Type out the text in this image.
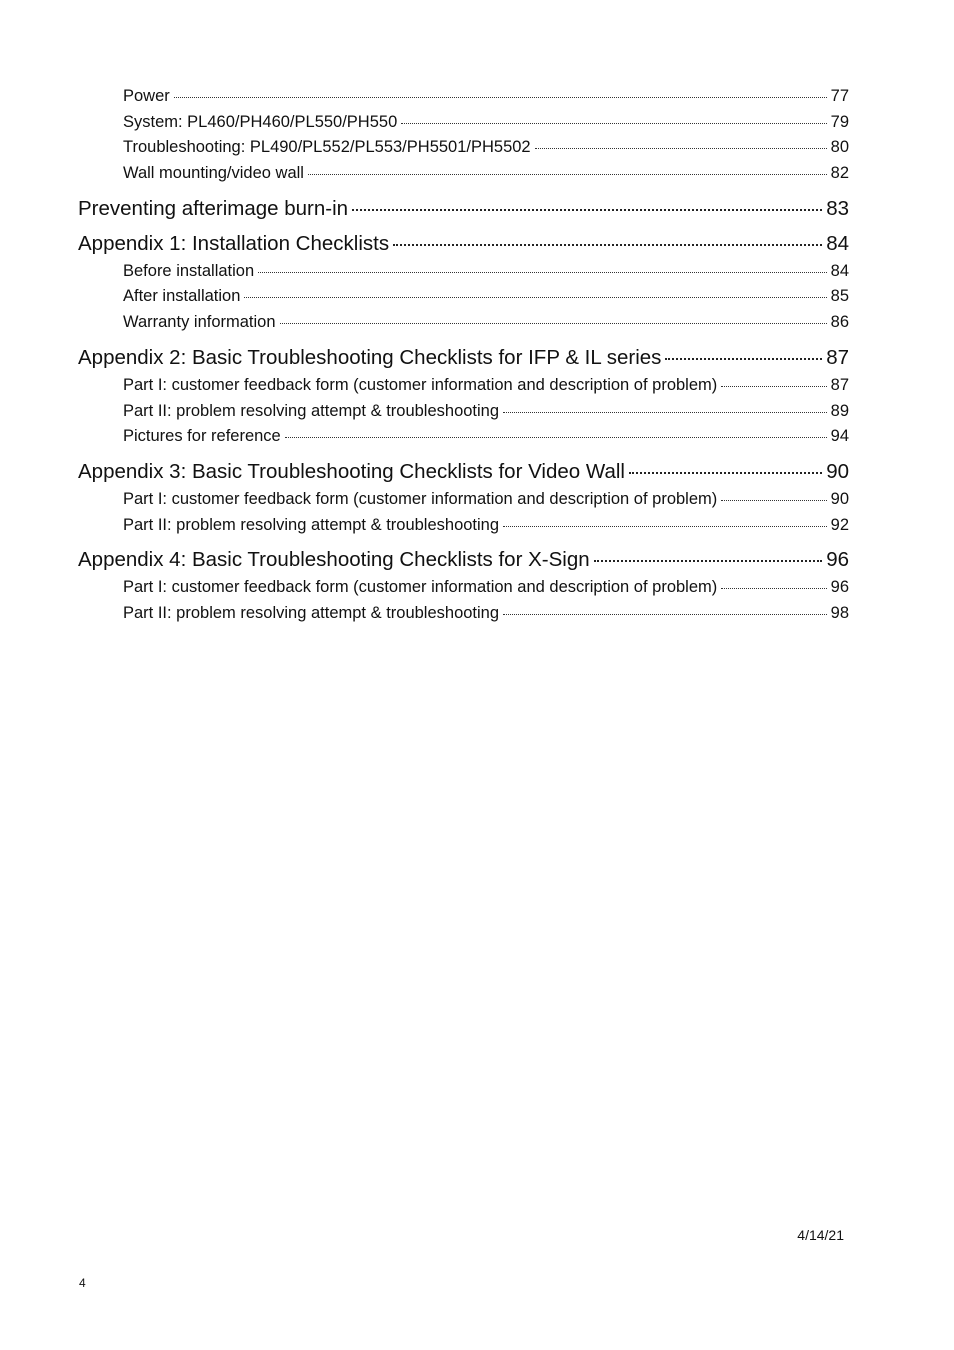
Power	77
System: PL460/PH460/PL550/PH550	79
Troubleshooting: PL490/PL552/PL553/PH5501/PH5502	80
Wall mounting/video wall	82
Preventing afterimage burn-in	83
Appendix 1: Installation Checklists	84
Before installation	84
After installation	85
Warranty information	86
Appendix 2: Basic Troubleshooting Checklists for IFP & IL series	87
Part I: customer feedback form (customer information and description of problem)	87
Part II: problem resolving attempt & troubleshooting	89
Pictures for reference	94
Appendix 3: Basic Troubleshooting Checklists for Video Wall	90
Part I: customer feedback form (customer information and description of problem)	90
Part II: problem resolving attempt & troubleshooting	92
Appendix 4: Basic Troubleshooting Checklists for X-Sign	96
Part I: customer feedback form (customer information and description of problem)	96
Part II: problem resolving attempt & troubleshooting	98
4/14/21
4
